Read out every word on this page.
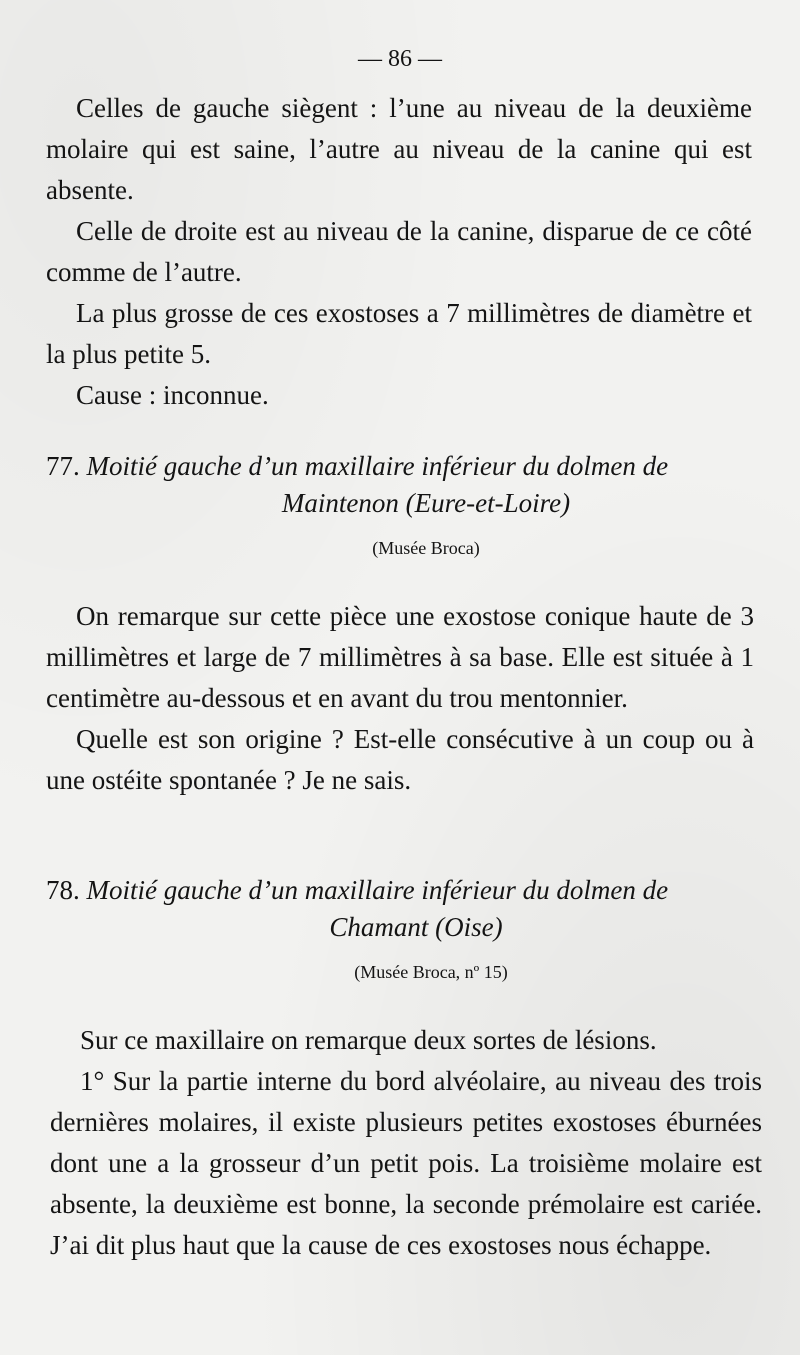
— 86 —

Celles de gauche siègent : l’une au niveau de la deuxième molaire qui est saine, l’autre au niveau de la canine qui est absente.

Celle de droite est au niveau de la canine, disparue de ce côté comme de l’autre.

La plus grosse de ces exostoses a 7 millimètres de diamètre et la plus petite 5.

Cause : inconnue.

77. Moitié gauche d’un maxillaire inférieur du dolmen de
Maintenon (Eure-et-Loire)
(Musée Broca)

On remarque sur cette pièce une exostose conique haute de 3 millimètres et large de 7 millimètres à sa base. Elle est située à 1 centimètre au-dessous et en avant du trou mentonnier.

Quelle est son origine ? Est-elle consécutive à un coup ou à une ostéite spontanée ? Je ne sais.

78. Moitié gauche d’un maxillaire inférieur du dolmen de
Chamant (Oise)
(Musée Broca, nº 15)

Sur ce maxillaire on remarque deux sortes de lésions.

1° Sur la partie interne du bord alvéolaire, au niveau des trois dernières molaires, il existe plusieurs petites exostoses éburnées dont une a la grosseur d’un petit pois. La troisième molaire est absente, la deuxième est bonne, la seconde prémolaire est cariée. J’ai dit plus haut que la cause de ces exostoses nous échappe.
